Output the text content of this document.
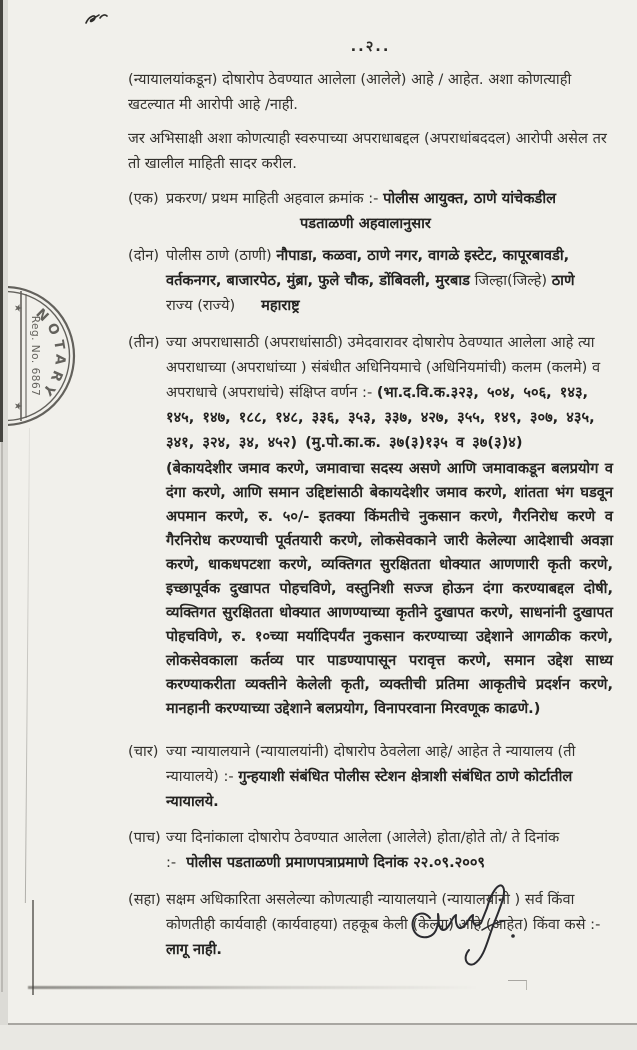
★
★
Reg. No. 6867
NOTARY
..२..
(न्यायालयांकडून) दोषारोप ठेवण्यात आलेला (आलेले) आहे / आहेत. अशा कोणत्याही खटल्यात मी आरोपी आहे /नाही.
जर अभिसाक्षी अशा कोणत्याही स्वरुपाच्या अपराधाबद्दल (अपराधांबददल) आरोपी असेल तर तो खालील माहिती सादर करील.
(एक) प्रकरण/ प्रथम माहिती अहवाल क्रमांक :- पोलीस आयुक्त, ठाणे यांचेकडील
पडताळणी अहवालानुसार
(दोन) पोलीस ठाणे (ठाणी) नौपाडा, कळवा, ठाणे नगर, वागळे इस्टेट, कापूरबावडी, वर्तकनगर, बाजारपेठ, मुंब्रा, फुले चौक, डोंबिवली, मुरबाड जिल्हा(जिल्हे) ठाणे
राज्य (राज्ये) महाराष्ट्र
(तीन) ज्या अपराधासाठी (अपराधांसाठी) उमेदवारावर दोषारोप ठेवण्यात आलेला आहे त्या अपराधाच्या (अपराधांच्या ) संबंधीत अधिनियमाचे (अधिनियमांची) कलम (कलमे) व अपराधाचे (अपराधांचे) संक्षिप्त वर्णन :- (भा.द.वि.क.३२३, ५०४, ५०६, १४३, १४५, १४७, १८८, १४८, ३३६, ३५३, ३३७, ४२७, ३५५, १४९, ३०७, ४३५, ३४१, ३२४, ३४, ४५२) (मु.पो.का.क. ३७(३)१३५ व ३७(३)४)
(बेकायदेशीर जमाव करणे, जमावाचा सदस्य असणे आणि जमावाकडून बलप्रयोग व दंगा करणे, आणि समान उद्दिष्टांसाठी बेकायदेशीर जमाव करणे, शांतता भंग घडवून अपमान करणे, रु. ५०/- इतक्या किंमतीचे नुकसान करणे, गैरनिरोध करणे व गैरनिरोध करण्याची पूर्वतयारी करणे, लोकसेवकाने जारी केलेल्या आदेशाची अवज्ञा करणे, धाकधपटशा करणे, व्यक्तिगत सुरक्षितता धोक्यात आणणारी कृती करणे, इच्छापूर्वक दुखापत पोहचविणे, वस्तुनिशी सज्ज होऊन दंगा करण्याबद्दल दोषी, व्यक्तिगत सुरक्षितता धोक्यात आणण्याच्या कृतीने दुखापत करणे, साधनांनी दुखापत पोहचविणे, रु. १०च्या मर्यादिपर्यंत नुकसान करण्याच्या उद्देशाने आगळीक करणे, लोकसेवकाला कर्तव्य पार पाडण्यापासून परावृत्त करणे, समान उद्देश साध्य करण्याकरीता व्यक्तीने केलेली कृती, व्यक्तीची प्रतिमा आकृतीचे प्रदर्शन करणे, मानहानी करण्याच्या उद्देशाने बलप्रयोग, विनापरवाना मिरवणूक काढणे.)
(चार) ज्या न्यायालयाने (न्यायालयांनी) दोषारोप ठेवलेला आहे/ आहेत ते न्यायालय (ती न्यायालये) :- गुन्हयाशी संबंधित पोलीस स्टेशन क्षेत्राशी संबंधित ठाणे कोर्टातील न्यायालये.
(पाच) ज्या दिनांकाला दोषारोप ठेवण्यात आलेला (आलेले) होता/होते तो/ ते दिनांक
:- पोलीस पडताळणी प्रमाणपत्राप्रमाणे दिनांक २२.०९.२००९
(सहा) सक्षम अधिकारिता असलेल्या कोणत्याही न्यायालयाने (न्यायालयांनी ) सर्व किंवा कोणतीही कार्यवाही (कार्यवाहया) तहकूब केली (केल्या) आहे (आहेत) किंवा कसे :- लागू नाही.
